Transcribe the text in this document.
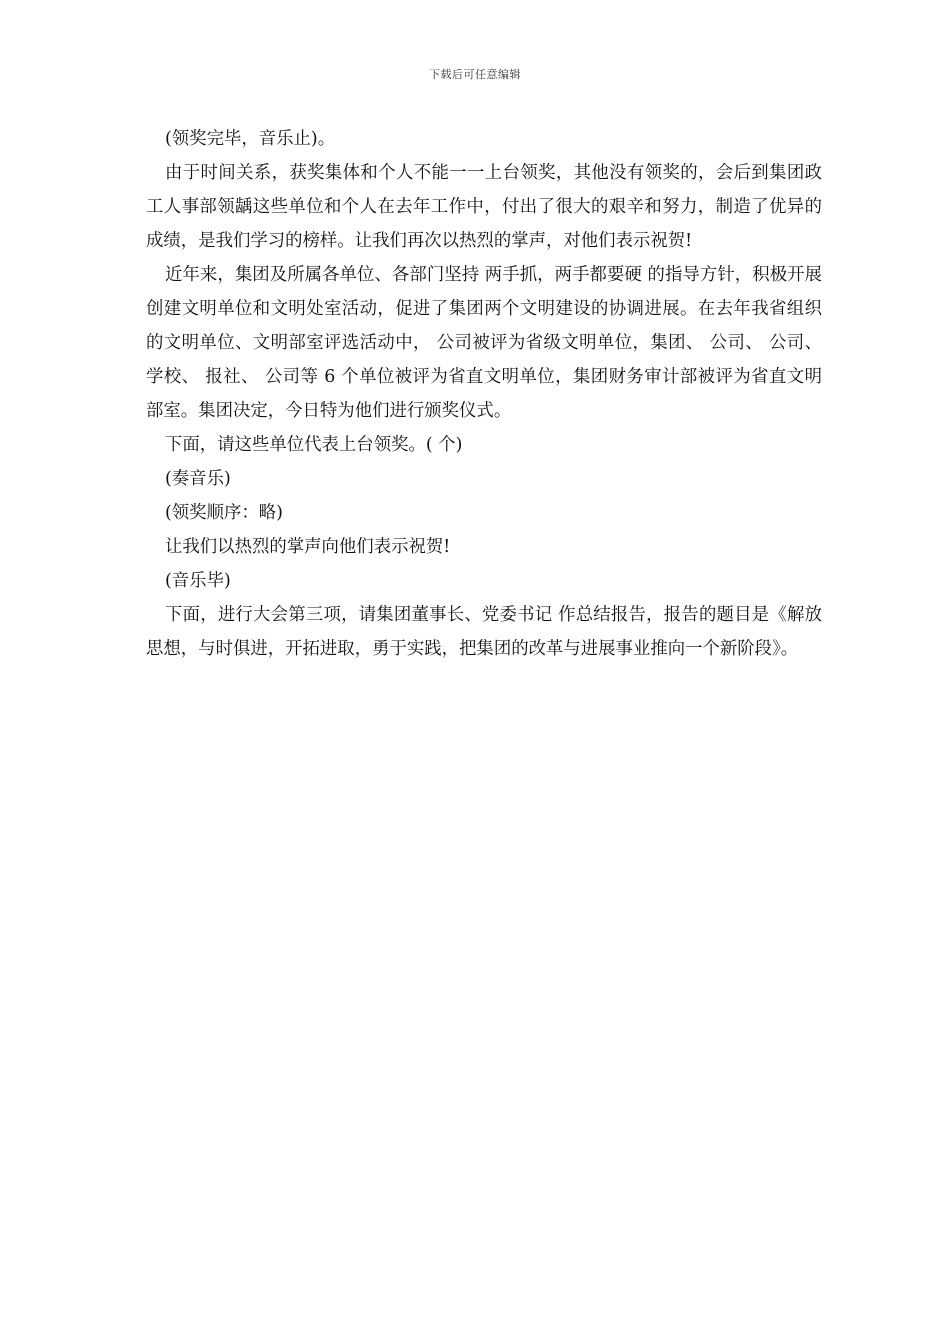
下载后可任意编辑

(领奖完毕，音乐止)。

由于时间关系，获奖集体和个人不能一一上台领奖，其他没有领奖的，会后到集团政工人事部领龋这些单位和个人在去年工作中，付出了很大的艰辛和努力，制造了优异的成绩，是我们学习的榜样。让我们再次以热烈的掌声，对他们表示祝贺!

近年来，集团及所属各单位、各部门坚持 两手抓，两手都要硬 的指导方针，积极开展创建文明单位和文明处室活动，促进了集团两个文明建设的协调进展。在去年我省组织的文明单位、文明部室评选活动中， 公司被评为省级文明单位，集团、 公司、 公司、 学校、 报社、 公司等 6 个单位被评为省直文明单位，集团财务审计部被评为省直文明部室。集团决定，今日特为他们进行颁奖仪式。

下面，请这些单位代表上台领奖。( 个)

(奏音乐)

(领奖顺序：略)

让我们以热烈的掌声向他们表示祝贺!

(音乐毕)

下面，进行大会第三项，请集团董事长、党委书记 作总结报告，报告的题目是《解放思想，与时俱进，开拓进取，勇于实践，把集团的改革与进展事业推向一个新阶段》。
